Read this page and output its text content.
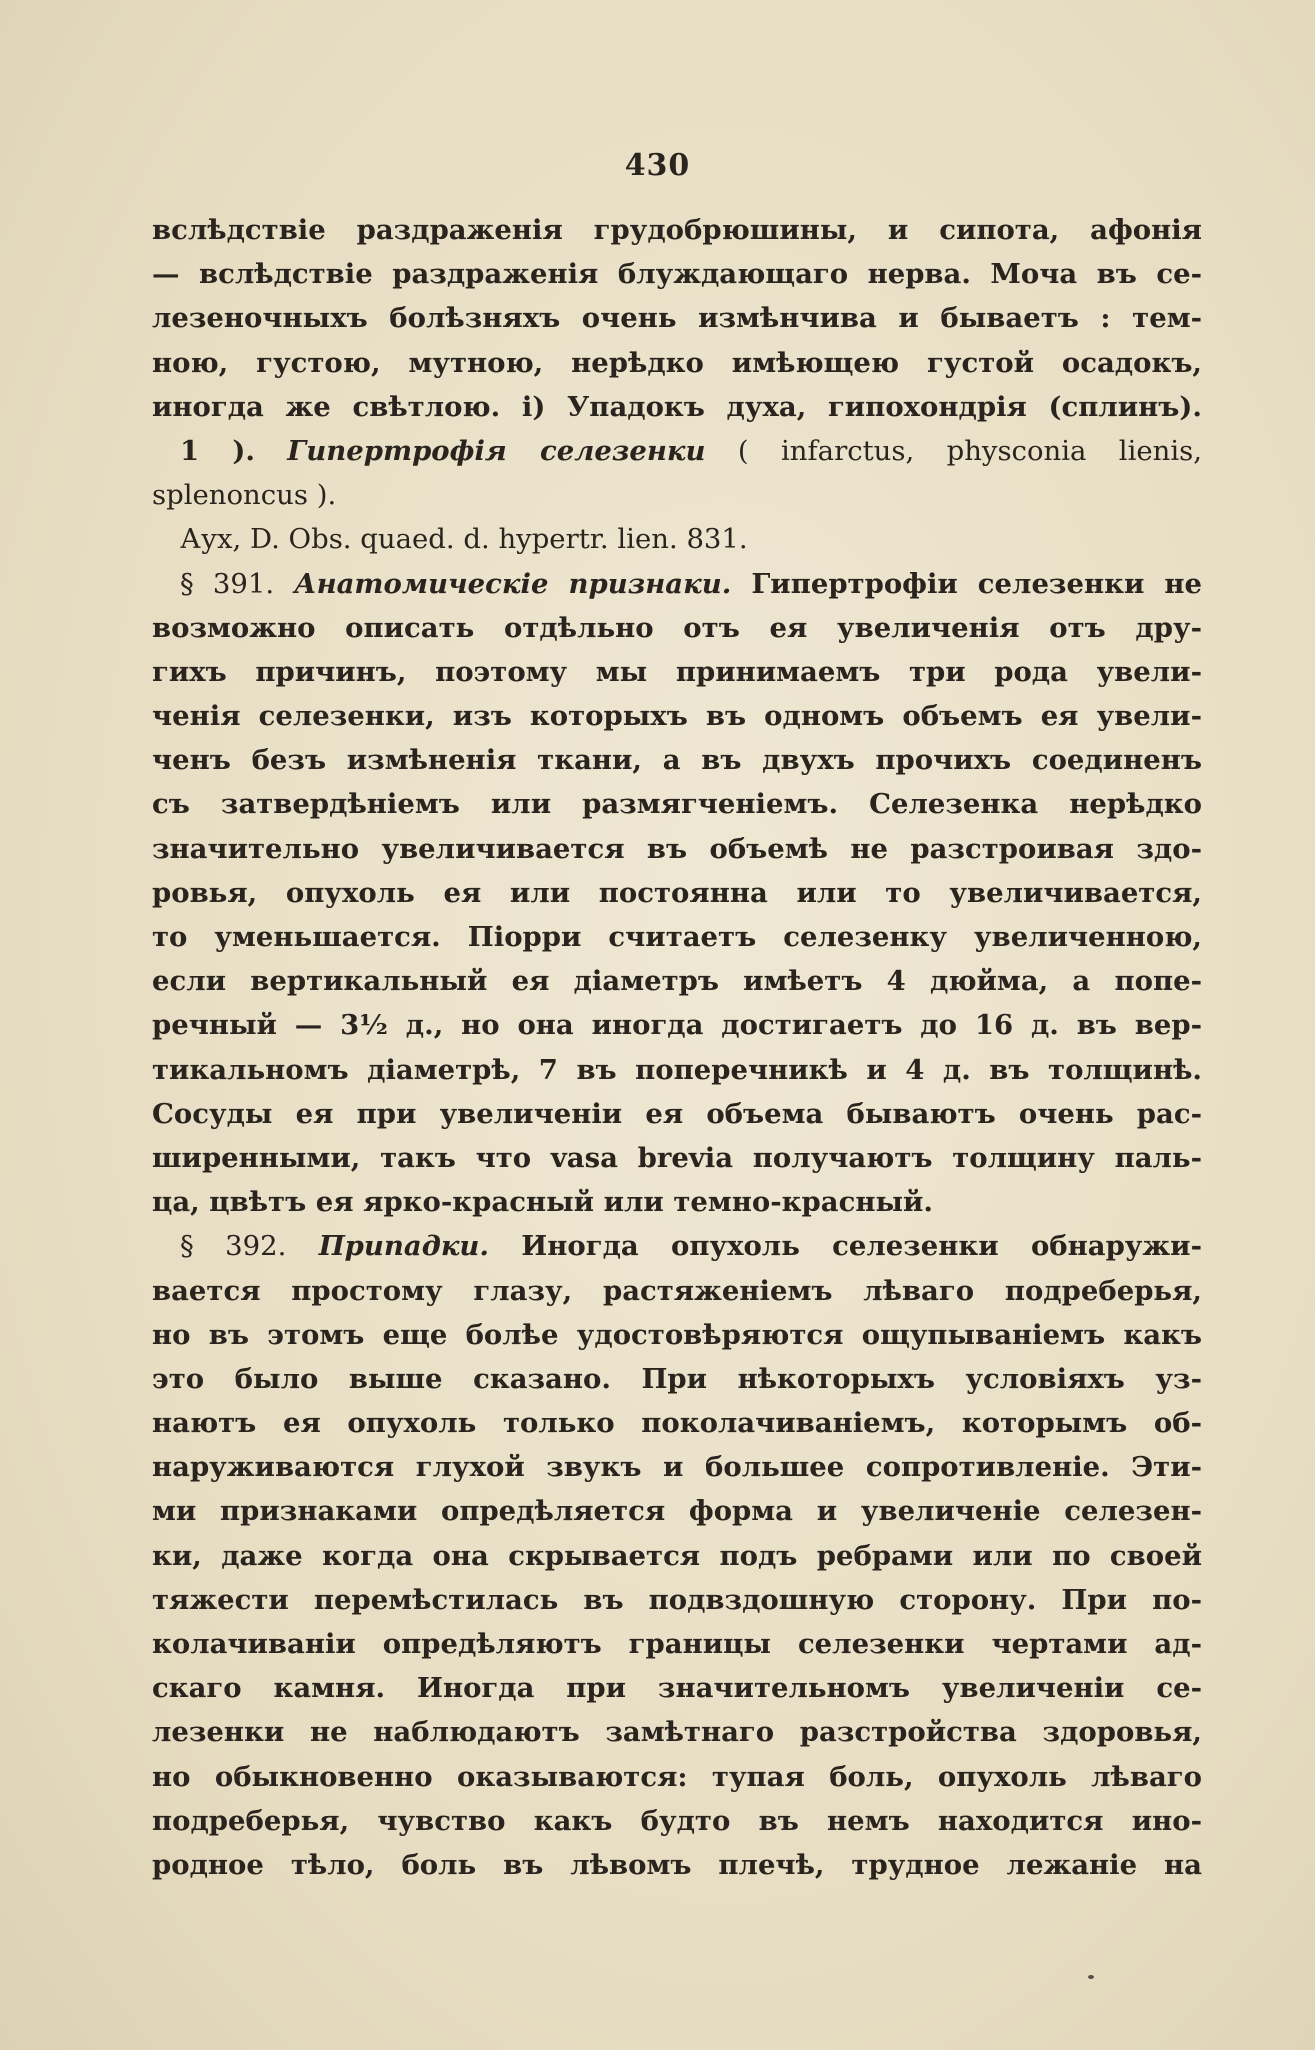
430
вслѣдствіе раздраженія грудобрюшины, и сипота, афонія
— вслѣдствіе раздраженія блуждающаго нерва. Моча въ се-
лезеночныхъ болѣзняхъ очень измѣнчива и бываетъ : тем-
ною, густою, мутною, нерѣдко имѣющею густой осадокъ,
иногда же свѣтлою. і) Упадокъ духа, гипохондрія (сплинъ).
1 ). Гипертрофія селезенки ( infarctus, physconia lienis,
splenoncus ).
Аух, D. Obs. quaed. d. hypertr. lien. 831.
§ 391. Анатомическіе признаки. Гипертрофіи селезенки не
возможно описать отдѣльно отъ ея увеличенія отъ дру-
гихъ причинъ, поэтому мы принимаемъ три рода увели-
ченія селезенки, изъ которыхъ въ одномъ объемъ ея увели-
ченъ безъ измѣненія ткани, а въ двухъ прочихъ соединенъ
съ затвердѣніемъ или размягченіемъ. Селезенка нерѣдко
значительно увеличивается въ объемѣ не разстроивая здо-
ровья, опухоль ея или постоянна или то увеличивается,
то уменьшается. Піорри считаетъ селезенку увеличенною,
если вертикальный ея діаметръ имѣетъ 4 дюйма, а попе-
речный — 3½ д., но она иногда достигаетъ до 16 д. въ вер-
тикальномъ діаметрѣ, 7 въ поперечникѣ и 4 д. въ толщинѣ.
Сосуды ея при увеличеніи ея объема бываютъ очень рас-
ширенными, такъ что vasa brevia получаютъ толщину паль-
ца, цвѣтъ ея ярко-красный или темно-красный.
§ 392. Припадки. Иногда опухоль селезенки обнаружи-
вается простому глазу, растяженіемъ лѣваго подреберья,
но въ этомъ еще болѣе удостовѣряются ощупываніемъ какъ
это было выше сказано. При нѣкоторыхъ условіяхъ уз-
наютъ ея опухоль только поколачиваніемъ, которымъ об-
наруживаются глухой звукъ и большее сопротивленіе. Эти-
ми признаками опредѣляется форма и увеличеніе селезен-
ки, даже когда она скрывается подъ ребрами или по своей
тяжести перемѣстилась въ подвздошную сторону. При по-
колачиваніи опредѣляютъ границы селезенки чертами ад-
скаго камня. Иногда при значительномъ увеличеніи се-
лезенки не наблюдаютъ замѣтнаго разстройства здоровья,
но обыкновенно оказываются: тупая боль, опухоль лѣваго
подреберья, чувство какъ будто въ немъ находится ино-
родное тѣло, боль въ лѣвомъ плечѣ, трудное лежаніе на
